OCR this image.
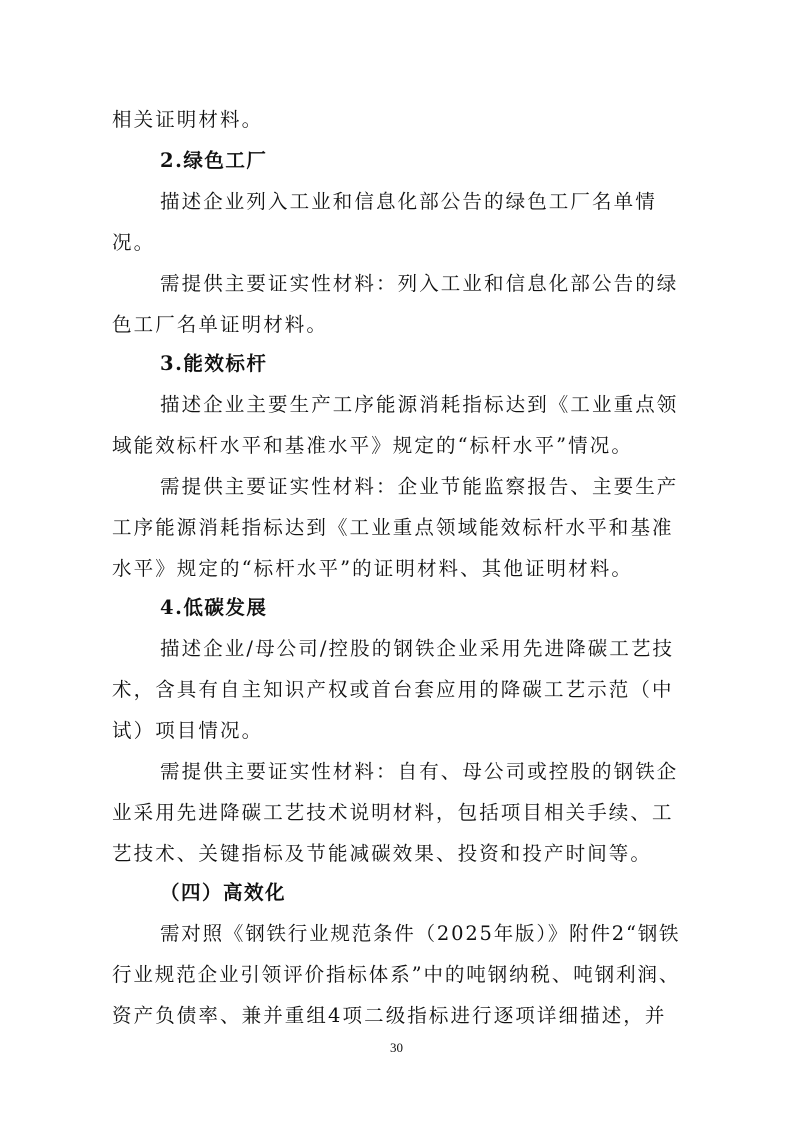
相关证明材料。
2.绿色工厂
描述企业列入工业和信息化部公告的绿色工厂名单情
况。
需提供主要证实性材料：列入工业和信息化部公告的绿
色工厂名单证明材料。
3.能效标杆
描述企业主要生产工序能源消耗指标达到《工业重点领
域能效标杆水平和基准水平》规定的“标杆水平”情况。
需提供主要证实性材料：企业节能监察报告、主要生产
工序能源消耗指标达到《工业重点领域能效标杆水平和基准
水平》规定的“标杆水平”的证明材料、其他证明材料。
4.低碳发展
描述企业/母公司/控股的钢铁企业采用先进降碳工艺技
术，含具有自主知识产权或首台套应用的降碳工艺示范（中
试）项目情况。
需提供主要证实性材料：自有、母公司或控股的钢铁企
业采用先进降碳工艺技术说明材料，包括项目相关手续、工
艺技术、关键指标及节能减碳效果、投资和投产时间等。
（四）高效化
需对照《钢铁行业规范条件（2025年版）》附件2“钢铁
行业规范企业引领评价指标体系”中的吨钢纳税、吨钢利润、
资产负债率、兼并重组4项二级指标进行逐项详细描述，并
30
